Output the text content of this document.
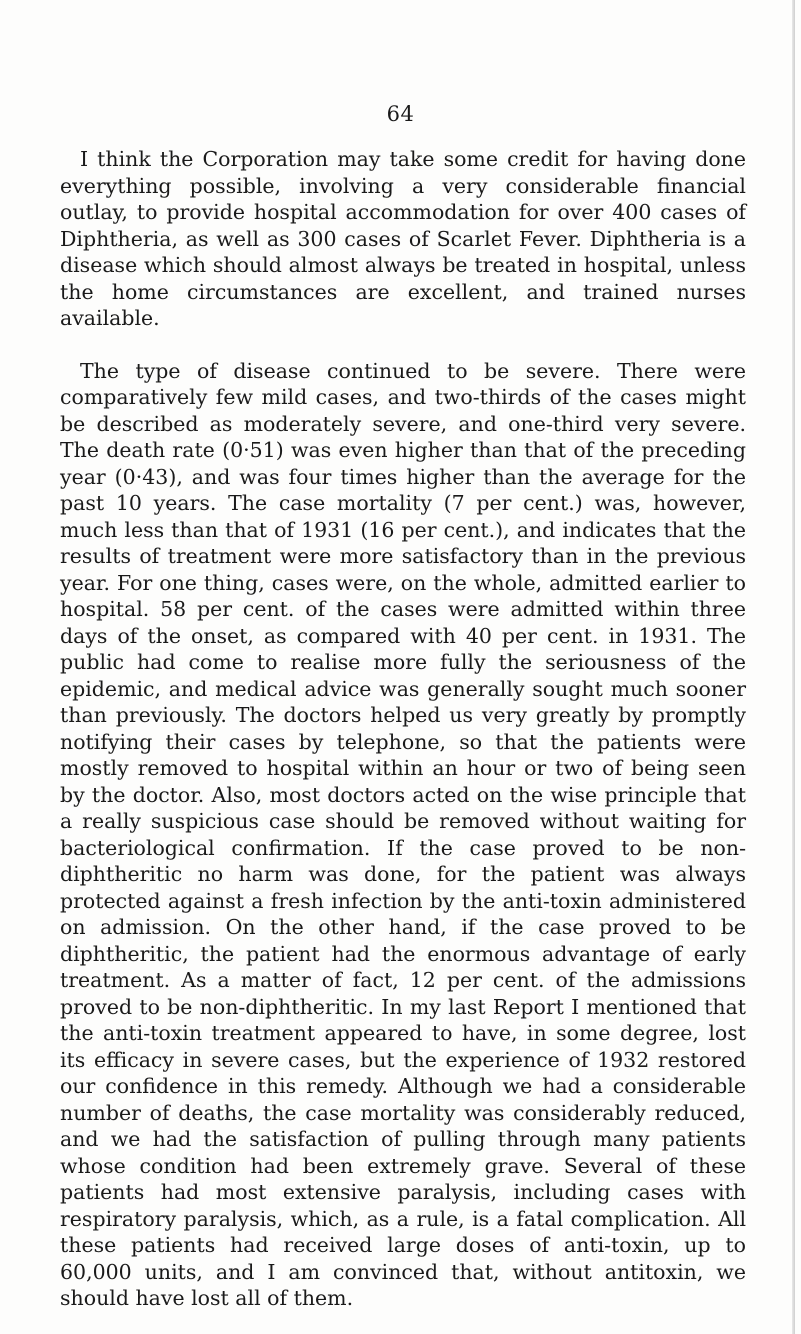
64

I think the Corporation may take some credit for having done everything possible, involving a very considerable financial outlay, to provide hospital accommodation for over 400 cases of Diphtheria, as well as 300 cases of Scarlet Fever. Diphtheria is a disease which should almost always be treated in hospital, unless the home circumstances are excellent, and trained nurses available.

The type of disease continued to be severe. There were comparatively few mild cases, and two-thirds of the cases might be described as moderately severe, and one-third very severe. The death rate (0·51) was even higher than that of the preceding year (0·43), and was four times higher than the average for the past 10 years. The case mortality (7 per cent.) was, however, much less than that of 1931 (16 per cent.), and indicates that the results of treatment were more satisfactory than in the previous year. For one thing, cases were, on the whole, admitted earlier to hospital. 58 per cent. of the cases were admitted within three days of the onset, as compared with 40 per cent. in 1931. The public had come to realise more fully the seriousness of the epidemic, and medical advice was generally sought much sooner than previously. The doctors helped us very greatly by promptly notifying their cases by telephone, so that the patients were mostly removed to hospital within an hour or two of being seen by the doctor. Also, most doctors acted on the wise principle that a really suspicious case should be removed without waiting for bacteriological confirmation. If the case proved to be non-diphtheritic no harm was done, for the patient was always protected against a fresh infection by the anti-toxin administered on admission. On the other hand, if the case proved to be diphtheritic, the patient had the enormous advantage of early treatment. As a matter of fact, 12 per cent. of the admissions proved to be non-diphtheritic. In my last Report I mentioned that the anti-toxin treatment appeared to have, in some degree, lost its efficacy in severe cases, but the experience of 1932 restored our confidence in this remedy. Although we had a considerable number of deaths, the case mortality was considerably reduced, and we had the satisfaction of pulling through many patients whose condition had been extremely grave. Several of these patients had most extensive paralysis, including cases with respiratory paralysis, which, as a rule, is a fatal complication. All these patients had received large doses of anti-toxin, up to 60,000 units, and I am convinced that, without antitoxin, we should have lost all of them.
